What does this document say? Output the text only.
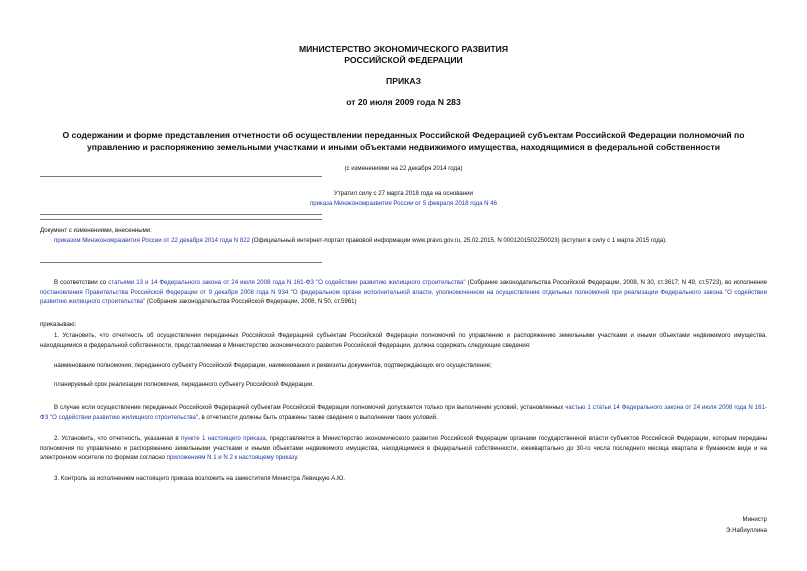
МИНИСТЕРСТВО ЭКОНОМИЧЕСКОГО РАЗВИТИЯ
РОССИЙСКОЙ ФЕДЕРАЦИИ
ПРИКАЗ
от 20 июля 2009 года N 283
О содержании и форме представления отчетности об осуществлении переданных Российской Федерацией субъектам Российской Федерации полномочий по
управлению и распоряжению земельными участками и иными объектами недвижимого имущества, находящимися в федеральной собственности
(с изменениями на 22 декабря 2014 года)
Утратил силу с 27 марта 2018 года на основании
приказа Минэкономразвития России от 5 февраля 2018 года N 46
Документ с изменениями, внесенными:
приказом Минэкономразвития России от 22 декабря 2014 года N 822 (Официальный интернет-портал правовой информации www.pravo.gov.ru, 25.02.2015, N 0001201502250023) (вступил в силу с 1 марта 2015 года).
В соответствии со статьями 13 и 14 Федерального закона от 24 июля 2008 года N 161-ФЗ "О содействии развитию жилищного строительства" (Собрание законодательства Российской Федерации, 2008, N 30, ст.3617; N 49, ст.5723), во исполнение постановления Правительства Российской Федерации от 9 декабря 2008 года N 934 "О федеральном органе исполнительной власти, уполномоченном на осуществление отдельных полномочий при реализации Федерального закона "О содействии развитию жилищного строительства" (Собрание законодательства Российской Федерации, 2008, N 50, ст.5961)
приказываю:
1. Установить, что отчетность об осуществлении переданных Российской Федерацией субъектам Российской Федерации полномочий по управлению и распоряжению земельными участками и иными объектами недвижимого имущества, находящимися в федеральной собственности, представляемая в Министерство экономического развития Российской Федерации, должна содержать следующие сведения:
наименование полномочия, переданного субъекту Российской Федерации, наименования и реквизиты документов, подтверждающих его осуществление;
планируемый срок реализации полномочия, переданного субъекту Российской Федерации.
В случае если осуществление переданных Российской Федерацией субъектам Российской Федерации полномочий допускается только при выполнении условий, установленных частью 1 статьи 14 Федерального закона от 24 июля 2008 года N 161-ФЗ "О содействии развитию жилищного строительства", в отчетности должны быть отражены также сведения о выполнении таких условий.
2. Установить, что отчетность, указанная в пункте 1 настоящего приказа, представляется в Министерство экономического развития Российской Федерации органами государственной власти субъектов Российской Федерации, которым переданы полномочия по управлению и распоряжению земельными участками и иными объектами недвижимого имущества, находящимися в федеральной собственности, ежеквартально до 30-го числа последнего месяца квартала в бумажном виде и на электронном носителе по формам согласно приложениям N 1 и N 2 к настоящему приказу.
3. Контроль за исполнением настоящего приказа возложить на заместителя Министра Левицкую А.Ю.
Министр
Э.Набиуллина
